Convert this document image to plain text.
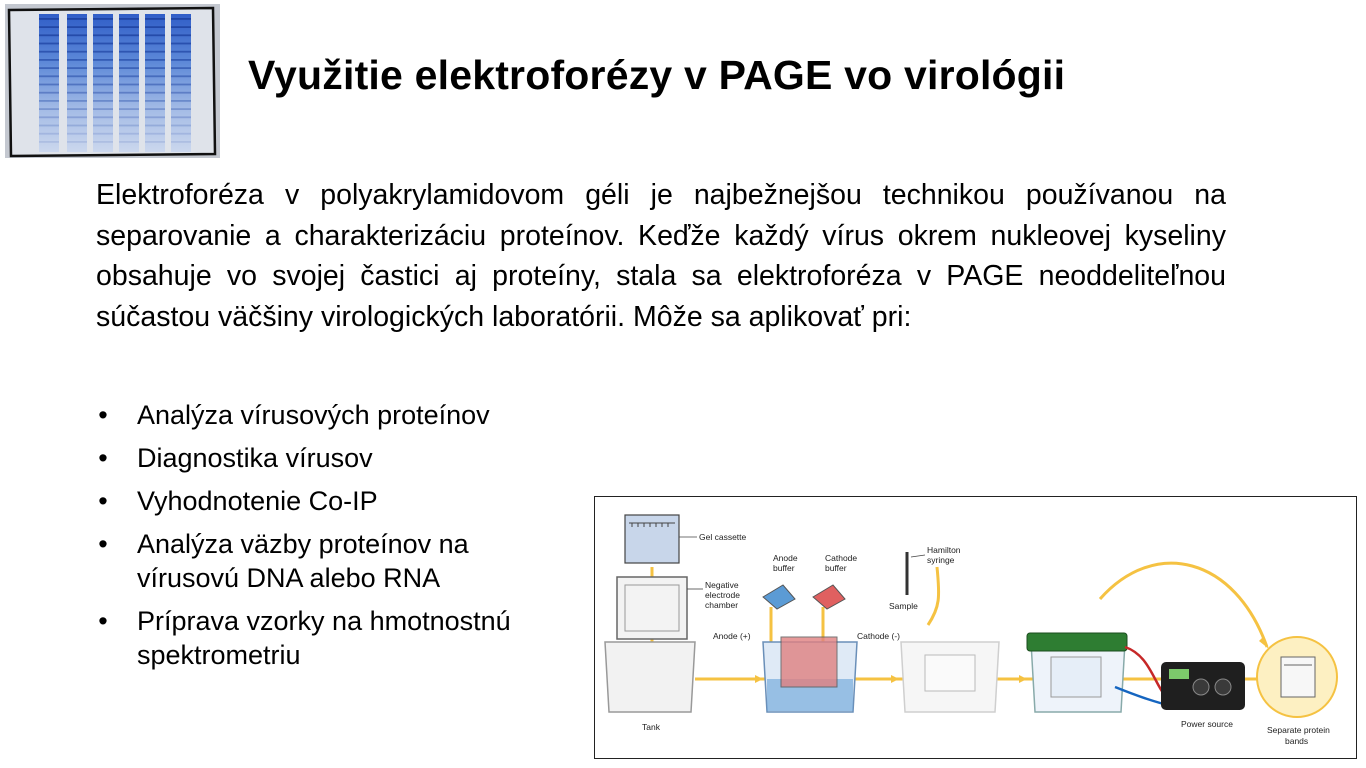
Využitie elektroforézy v PAGE vo virológii
Elektroforéza v polyakrylamidovom géli je najbežnejšou technikou používanou na separovanie a charakterizáciu proteínov. Keďže každý vírus okrem nukleovej kyseliny obsahuje vo svojej častici aj proteíny, stala sa elektroforéza v PAGE neoddeliteľnou súčastou väčšiny virologických laboratórii. Môže sa aplikovať pri:
• Analýza vírusových proteínov
• Diagnostika vírusov
• Vyhodnotenie Co-IP
• Analýza väzby proteínov na vírusovú DNA alebo RNA
• Príprava vzorky na hmotnostnú spektrometriu
Gel cassette
Negative
electrode
chamber
Tank
Anode
buffer
Cathode
buffer
Anode (+)	Cathode (-)
Hamilton
syringe
Sample
Power source
Separate protein
bands
